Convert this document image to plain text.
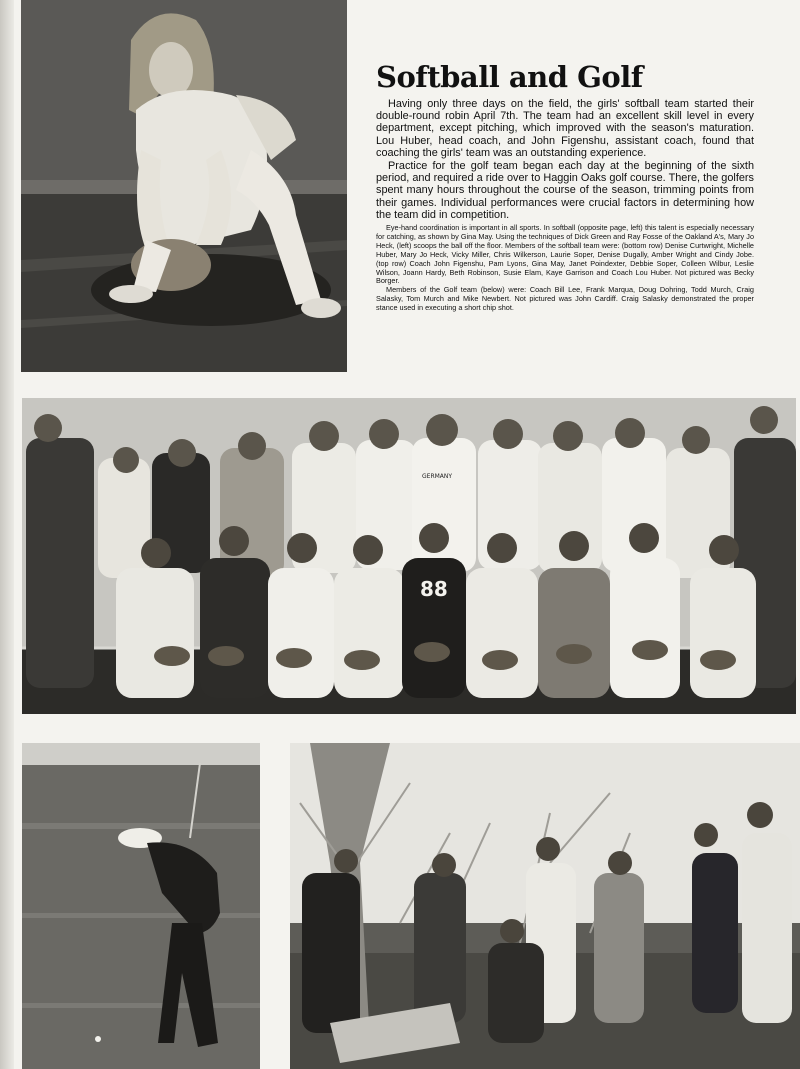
Softball and Golf

Having only three days on the field, the girls' softball team started their double-round robin April 7th. The team had an excellent skill level in every department, except pitching, which improved with the season's maturation. Lou Huber, head coach, and John Figenshu, assistant coach, found that coaching the girls' team was an outstanding experience.

Practice for the golf team began each day at the beginning of the sixth period, and required a ride over to Haggin Oaks golf course. There, the golfers spent many hours throughout the course of the season, trimming points from their games. Individual performances were crucial factors in determining how the team did in competition.

Eye-hand coordination is important in all sports. In softball (opposite page, left) this talent is especially necessary for catching, as shown by Gina May. Using the techniques of Dick Green and Ray Fosse of the Oakland A's, Mary Jo Heck, (left) scoops the ball off the floor. Members of the softball team were: (bottom row) Denise Curtwright, Michelle Huber, Mary Jo Heck, Vicky Miller, Chris Wilkerson, Laurie Soper, Denise Dugally, Amber Wright and Cindy Jobe. (top row) Coach John Figenshu, Pam Lyons, Gina May, Janet Poindexter, Debbie Soper, Colleen Wilbur, Leslie Wilson, Joann Hardy, Beth Robinson, Susie Elam, Kaye Garrison and Coach Lou Huber. Not pictured was Becky Borger.

Members of the Golf team (below) were: Coach Bill Lee, Frank Marqua, Doug Dohring, Todd Murch, Craig Salasky, Tom Murch and Mike Newbert. Not pictured was John Cardiff. Craig Salasky demonstrated the proper stance used in executing a short chip shot.

88
GERMANY
